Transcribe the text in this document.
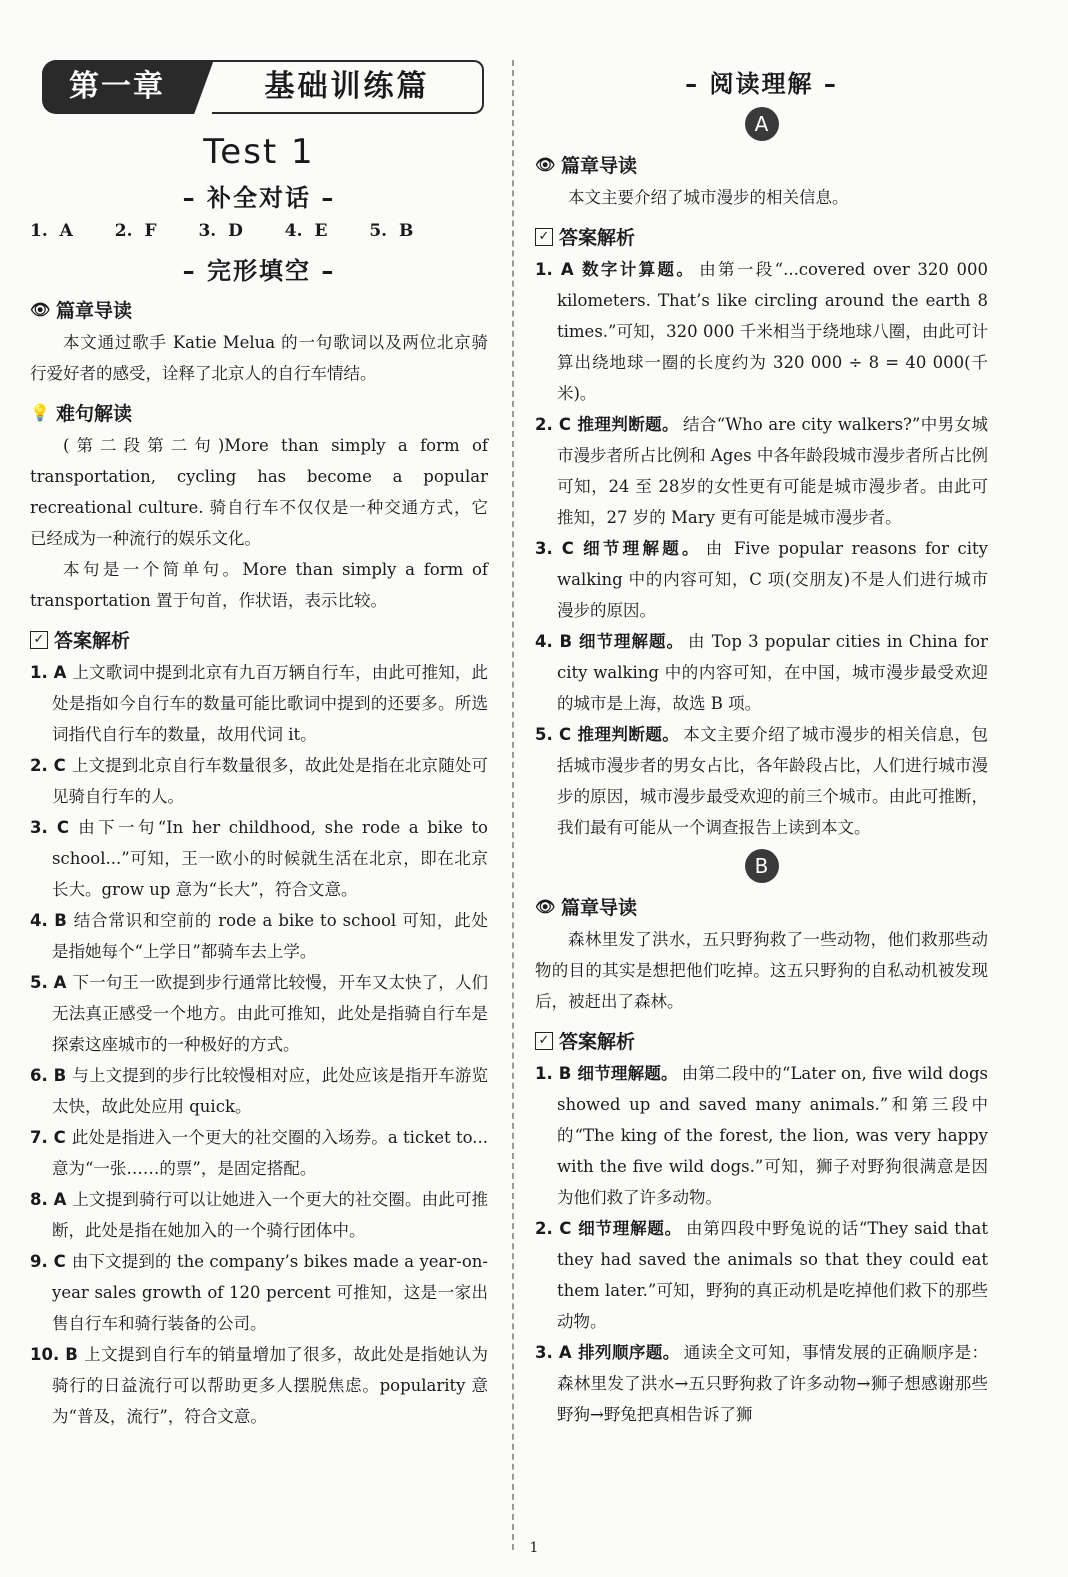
第一章	基础训练篇
Test 1
– 补全对话 –
1. A 2. F 3. D 4. E 5. B
– 完形填空 –
👁 篇章导读

本文通过歌手 Katie Melua 的一句歌词以及两位北京骑行爱好者的感受，诠释了北京人的自行车情结。

💡 难句解读

(第二段第二句)More than simply a form of transportation, cycling has become a popular recreational culture. 骑自行车不仅仅是一种交通方式，它已经成为一种流行的娱乐文化。

本句是一个简单句。More than simply a form of transportation 置于句首，作状语，表示比较。

✓ 答案解析

1. A 上文歌词中提到北京有九百万辆自行车，由此可推知，此处是指如今自行车的数量可能比歌词中提到的还要多。所选词指代自行车的数量，故用代词 it。

2. C 上文提到北京自行车数量很多，故此处是指在北京随处可见骑自行车的人。

3. C 由下一句“In her childhood, she rode a bike to school...”可知，王一欧小的时候就生活在北京，即在北京长大。grow up 意为“长大”，符合文意。

4. B 结合常识和空前的 rode a bike to school 可知，此处是指她每个“上学日”都骑车去上学。

5. A 下一句王一欧提到步行通常比较慢，开车又太快了，人们无法真正感受一个地方。由此可推知，此处是指骑自行车是探索这座城市的一种极好的方式。

6. B 与上文提到的步行比较慢相对应，此处应该是指开车游览太快，故此处应用 quick。

7. C 此处是指进入一个更大的社交圈的入场券。a ticket to...意为“一张……的票”，是固定搭配。

8. A 上文提到骑行可以让她进入一个更大的社交圈。由此可推断，此处是指在她加入的一个骑行团体中。

9. C 由下文提到的 the company’s bikes made a year-on-year sales growth of 120 percent 可推知，这是一家出售自行车和骑行装备的公司。

10. B 上文提到自行车的销量增加了很多，故此处是指她认为骑行的日益流行可以帮助更多人摆脱焦虑。popularity 意为“普及，流行”，符合文意。

– 阅读理解 –
A
👁 篇章导读

本文主要介绍了城市漫步的相关信息。

✓ 答案解析

1. A 数字计算题。 由第一段“...covered over 320 000 kilometers. That’s like circling around the earth 8 times.”可知，320 000 千米相当于绕地球八圈，由此可计算出绕地球一圈的长度约为 320 000 ÷ 8 = 40 000(千米)。

2. C 推理判断题。 结合“Who are city walkers?”中男女城市漫步者所占比例和 Ages 中各年龄段城市漫步者所占比例可知，24 至 28岁的女性更有可能是城市漫步者。由此可推知，27 岁的 Mary 更有可能是城市漫步者。

3. C 细节理解题。 由 Five popular reasons for city walking 中的内容可知，C 项(交朋友)不是人们进行城市漫步的原因。

4. B 细节理解题。 由 Top 3 popular cities in China for city walking 中的内容可知，在中国，城市漫步最受欢迎的城市是上海，故选 B 项。

5. C 推理判断题。 本文主要介绍了城市漫步的相关信息，包括城市漫步者的男女占比，各年龄段占比，人们进行城市漫步的原因，城市漫步最受欢迎的前三个城市。由此可推断，我们最有可能从一个调查报告上读到本文。

B
👁 篇章导读

森林里发了洪水，五只野狗救了一些动物，他们救那些动物的目的其实是想把他们吃掉。这五只野狗的自私动机被发现后，被赶出了森林。

✓ 答案解析

1. B 细节理解题。 由第二段中的“Later on, five wild dogs showed up and saved many animals.”和第三段中的“The king of the forest, the lion, was very happy with the five wild dogs.”可知，狮子对野狗很满意是因为他们救了许多动物。

2. C 细节理解题。 由第四段中野兔说的话“They said that they had saved the animals so that they could eat them later.”可知，野狗的真正动机是吃掉他们救下的那些动物。

3. A 排列顺序题。 通读全文可知，事情发展的正确顺序是：森林里发了洪水→五只野狗救了许多动物→狮子想感谢那些野狗→野兔把真相告诉了狮

1
